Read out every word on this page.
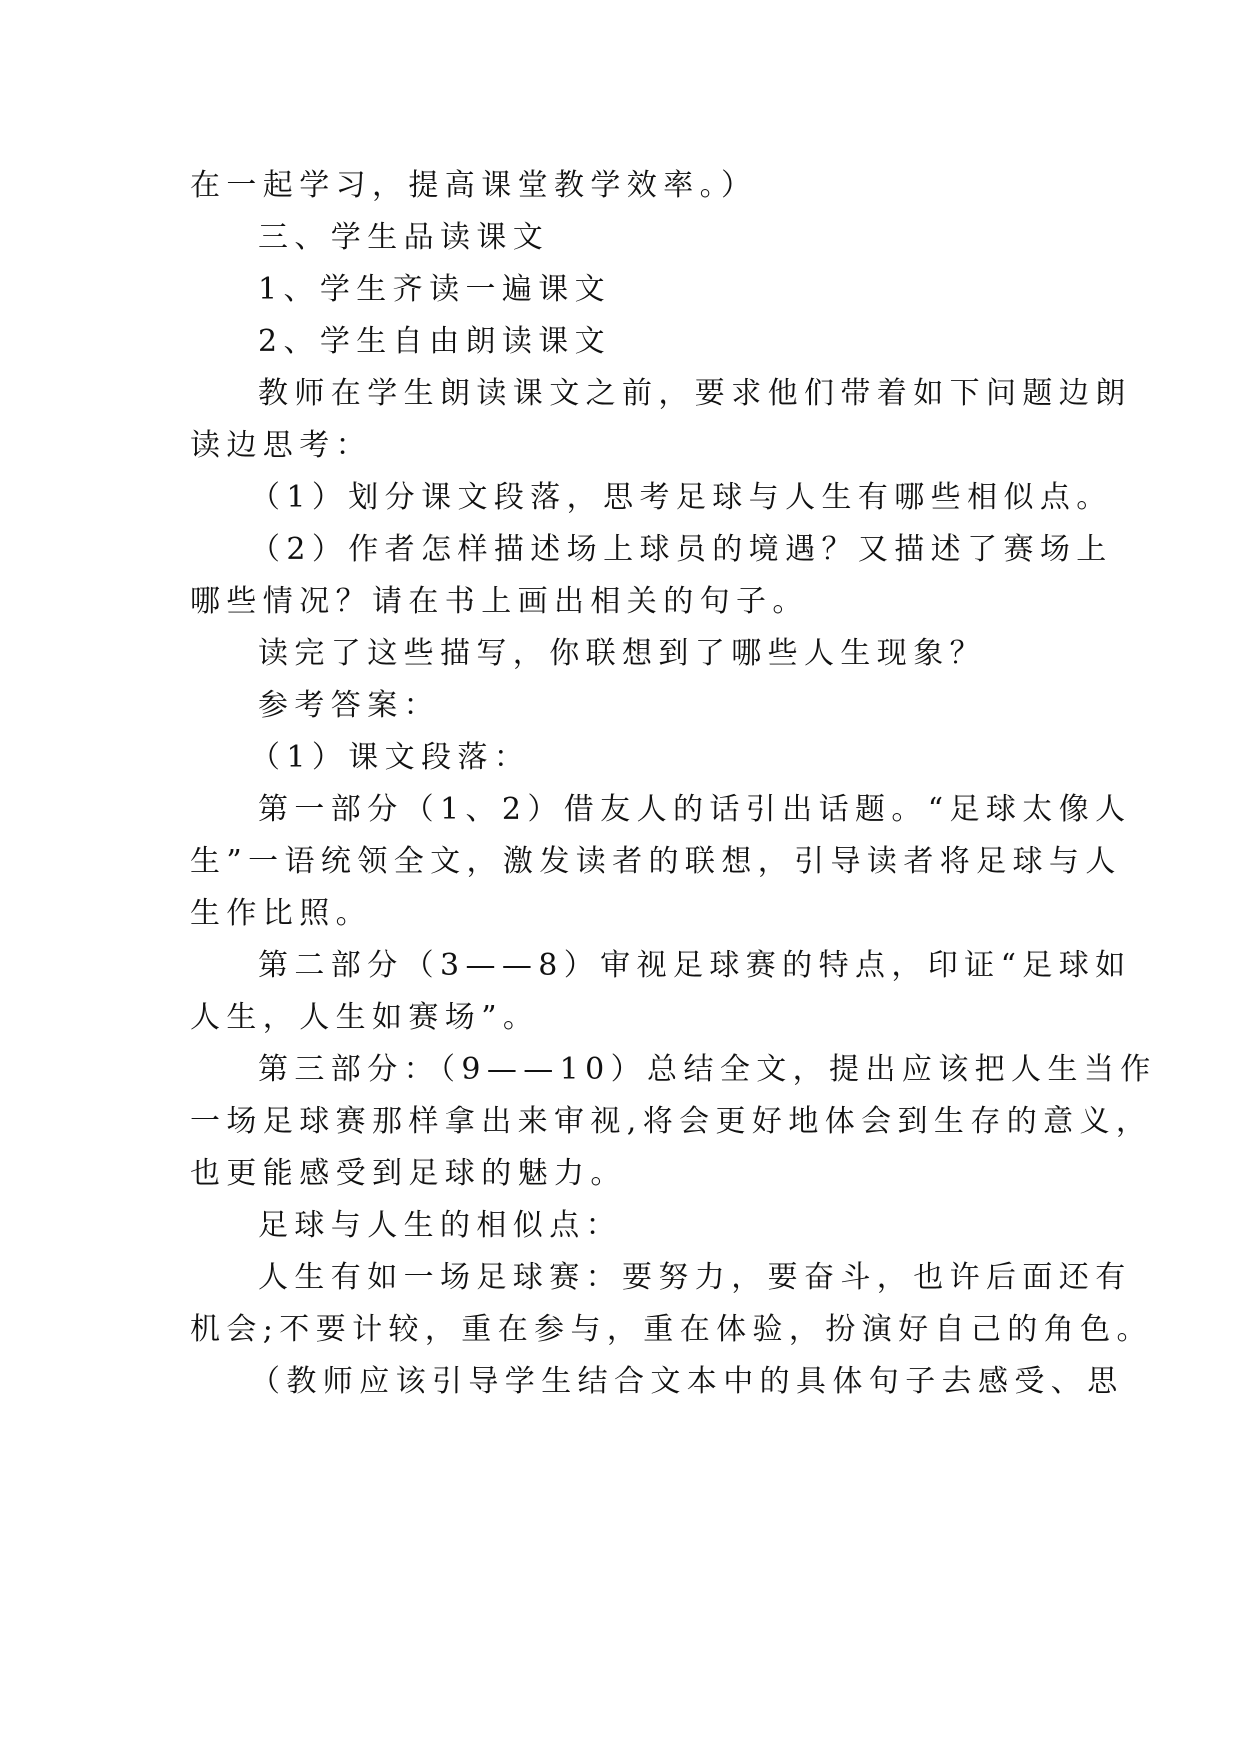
在一起学习，提高课堂教学效率。）
三、学生品读课文
1、学生齐读一遍课文
2、学生自由朗读课文
教师在学生朗读课文之前，要求他们带着如下问题边朗
读边思考：
（1）划分课文段落，思考足球与人生有哪些相似点。
（2）作者怎样描述场上球员的境遇？又描述了赛场上
哪些情况？请在书上画出相关的句子。
读完了这些描写，你联想到了哪些人生现象？
参考答案：
（1）课文段落：
第一部分（1、2）借友人的话引出话题。“足球太像人
生”一语统领全文，激发读者的联想，引导读者将足球与人
生作比照。
第二部分（3——8）审视足球赛的特点，印证“足球如
人生，人生如赛场”。
第三部分：（9——10）总结全文，提出应该把人生当作
一场足球赛那样拿出来审视,将会更好地体会到生存的意义，
也更能感受到足球的魅力。
足球与人生的相似点：
人生有如一场足球赛：要努力，要奋斗，也许后面还有
机会;不要计较，重在参与，重在体验，扮演好自己的角色。
（教师应该引导学生结合文本中的具体句子去感受、思
